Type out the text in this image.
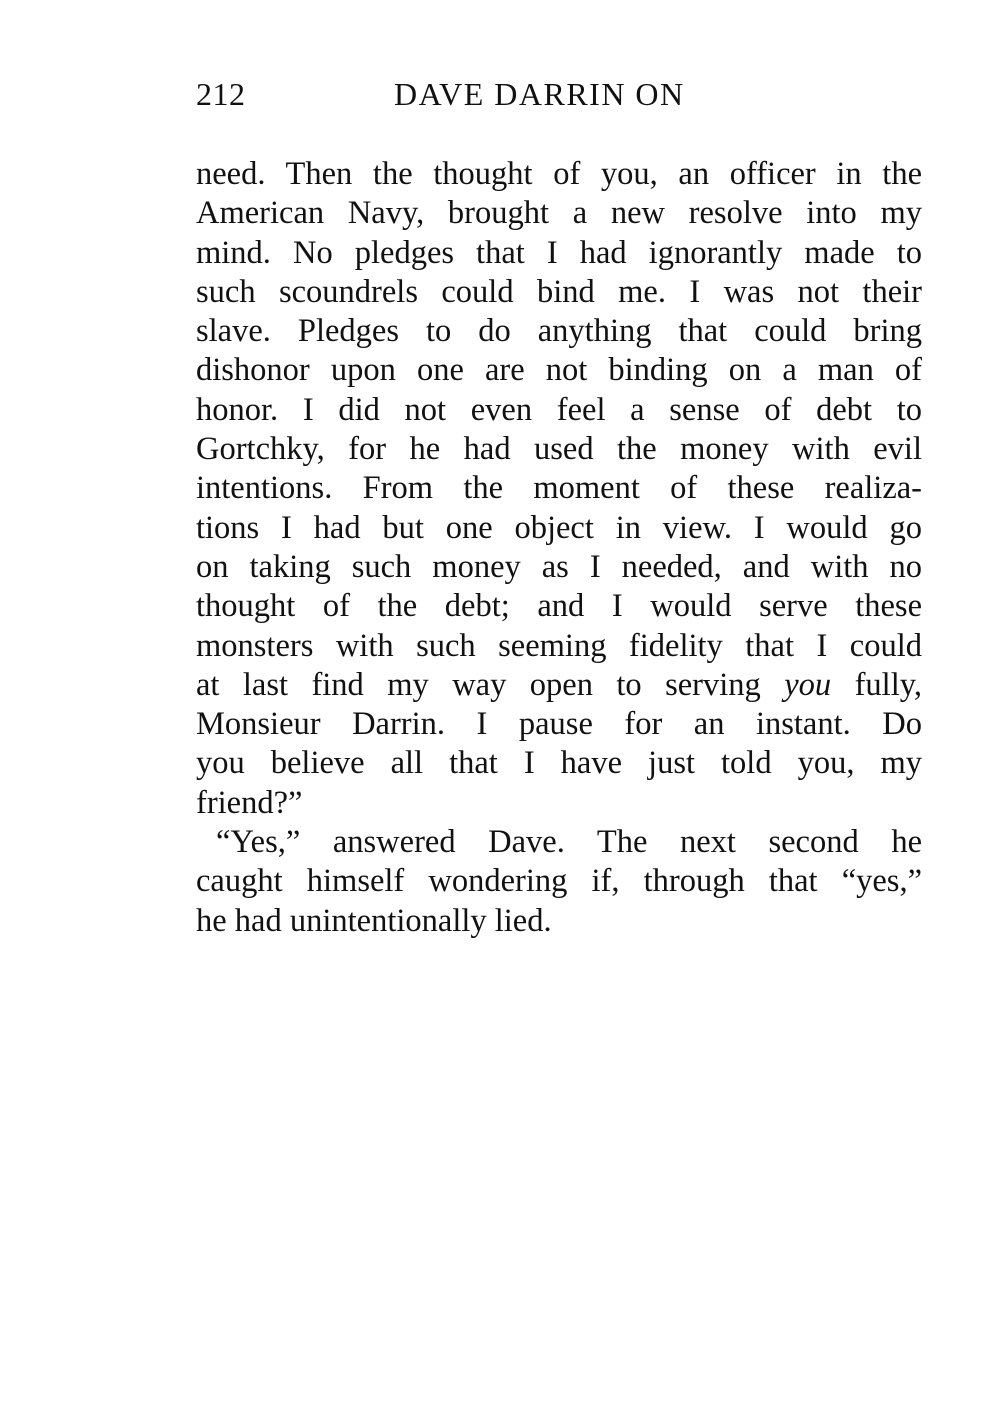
212	DAVE DARRIN ON
need. Then the thought of you, an officer in the
American Navy, brought a new resolve into my
mind. No pledges that I had ignorantly made to
such scoundrels could bind me. I was not their
slave. Pledges to do anything that could bring
dishonor upon one are not binding on a man of
honor. I did not even feel a sense of debt to
Gortchky, for he had used the money with evil
intentions. From the moment of these realiza-
tions I had but one object in view. I would go
on taking such money as I needed, and with no
thought of the debt; and I would serve these
monsters with such seeming fidelity that I could
at last find my way open to serving you fully,
Monsieur Darrin. I pause for an instant. Do
you believe all that I have just told you, my
friend?”
“Yes,” answered Dave. The next second he
caught himself wondering if, through that “yes,”
he had unintentionally lied.
